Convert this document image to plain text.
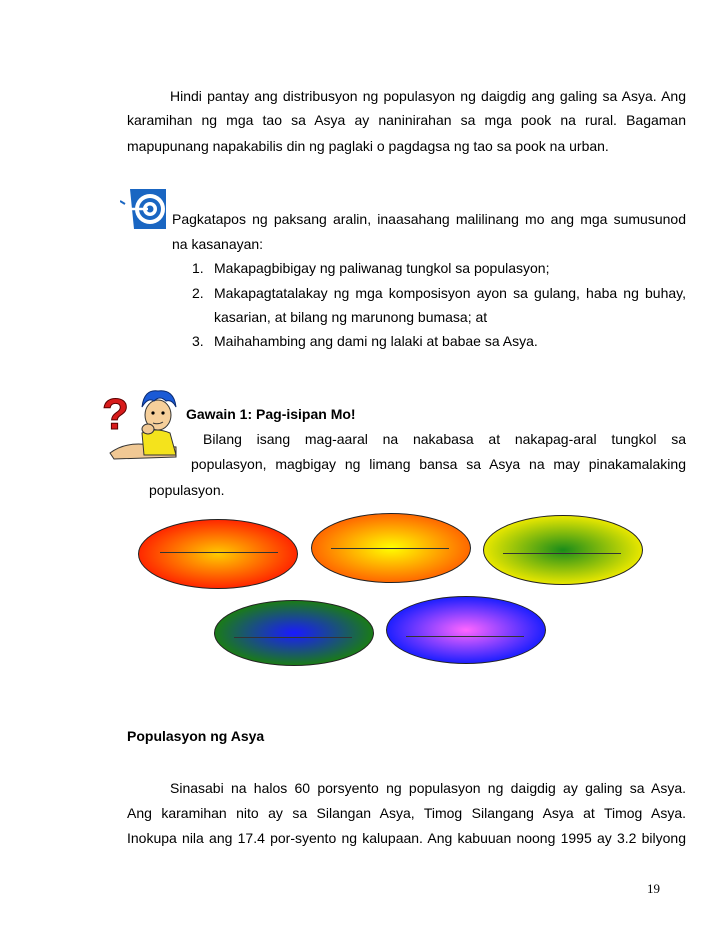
Hindi pantay ang distribusyon ng populasyon ng daigdig ang galing sa Asya. Ang
karamihan ng mga tao sa Asya ay naninirahan sa mga pook na rural. Bagaman
mapupunang napakabilis din ng paglaki o pagdagsa ng tao sa pook na urban.
Pagkatapos ng paksang aralin, inaasahang malilinang mo ang mga sumusunod
na kasanayan:
1. Makapagbibigay ng paliwanag tungkol sa populasyon;
2. Makapagtatalakay ng mga komposisyon ayon sa gulang, haba ng buhay,
kasarian, at bilang ng marunong bumasa; at
3. Maihahambing ang dami ng lalaki at babae sa Asya.
?	Gawain 1: Pag-isipan Mo!
Bilang isang mag-aaral na nakabasa at nakapag-aral tungkol sa
populasyon, magbigay ng limang bansa sa Asya na may pinakamalaking
populasyon.
Populasyon ng Asya
Sinasabi na halos 60 porsyento ng populasyon ng daigdig ay galing sa Asya.
Ang karamihan nito ay sa Silangan Asya, Timog Silangang Asya at Timog Asya.
Inokupa nila ang 17.4 por-syento ng kalupaan. Ang kabuuan noong 1995 ay 3.2 bilyong
19
